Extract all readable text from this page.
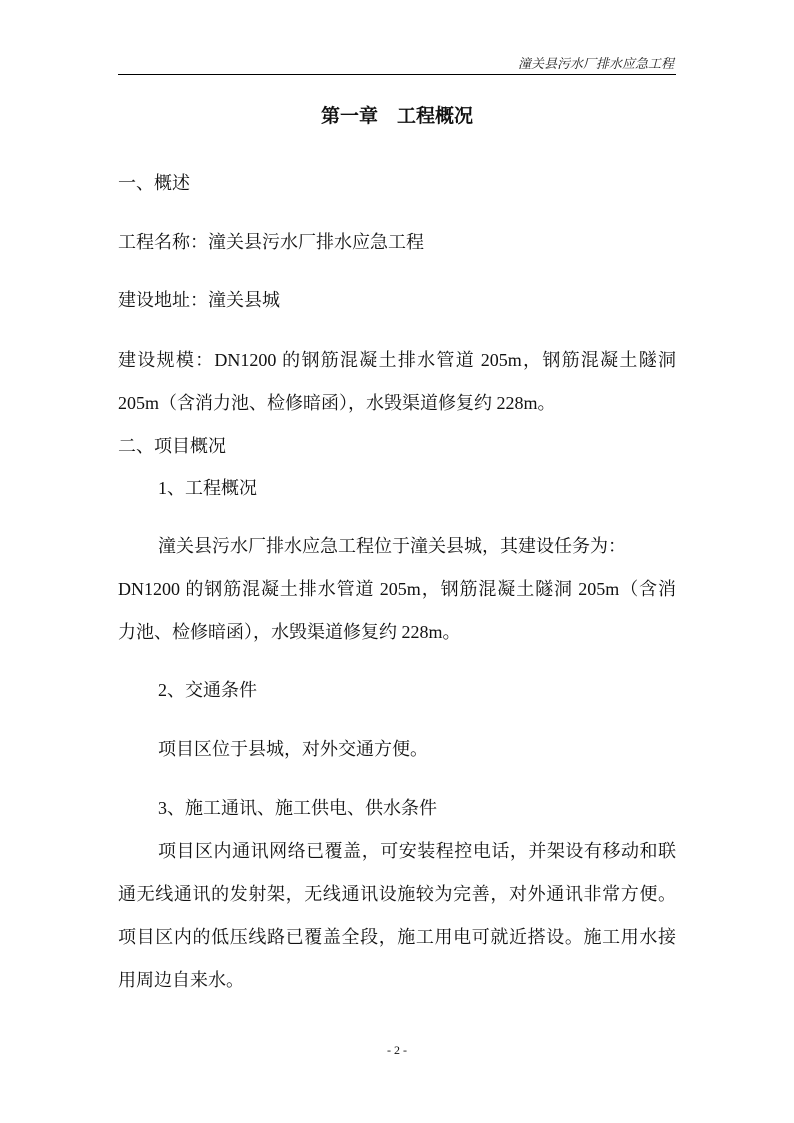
潼关县污水厂排水应急工程
第一章　工程概况
一、概述
工程名称：潼关县污水厂排水应急工程
建设地址：潼关县城
建设规模：DN1200 的钢筋混凝土排水管道 205m，钢筋混凝土隧洞
205m（含消力池、检修暗函），水毁渠道修复约 228m。
二、项目概况
1、工程概况
潼关县污水厂排水应急工程位于潼关县城，其建设任务为：
DN1200 的钢筋混凝土排水管道 205m，钢筋混凝土隧洞 205m（含消
力池、检修暗函），水毁渠道修复约 228m。
2、交通条件
项目区位于县城，对外交通方便。
3、施工通讯、施工供电、供水条件
项目区内通讯网络已覆盖，可安装程控电话，并架设有移动和联
通无线通讯的发射架，无线通讯设施较为完善，对外通讯非常方便。
项目区内的低压线路已覆盖全段，施工用电可就近搭设。施工用水接
用周边自来水。
- 2 -
